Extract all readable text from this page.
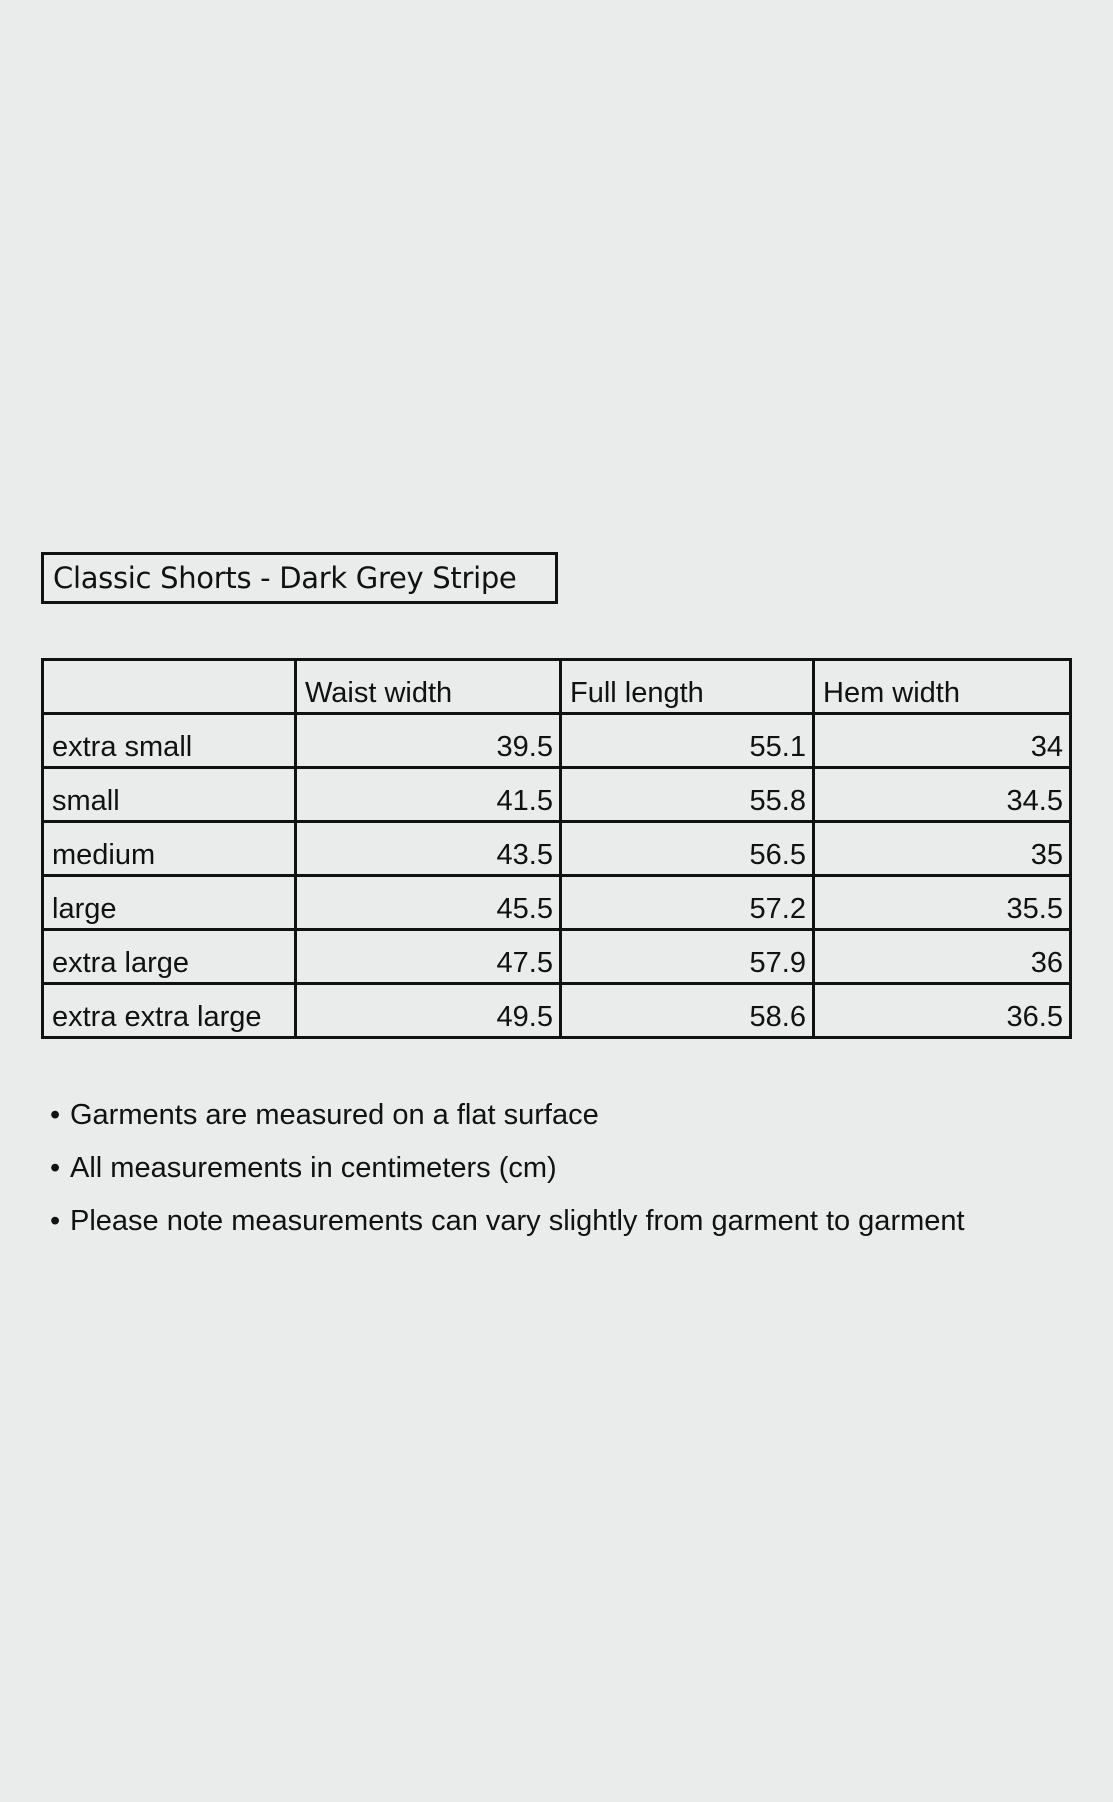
Classic Shorts - Dark Grey Stripe
	Waist width	Full length	Hem width
extra small	39.5	55.1	34
small	41.5	55.8	34.5
medium	43.5	56.5	35
large	45.5	57.2	35.5
extra large	47.5	57.9	36
extra extra large	49.5	58.6	36.5
• Garments are measured on a flat surface
• All measurements in centimeters (cm)
• Please note measurements can vary slightly from garment to garment
